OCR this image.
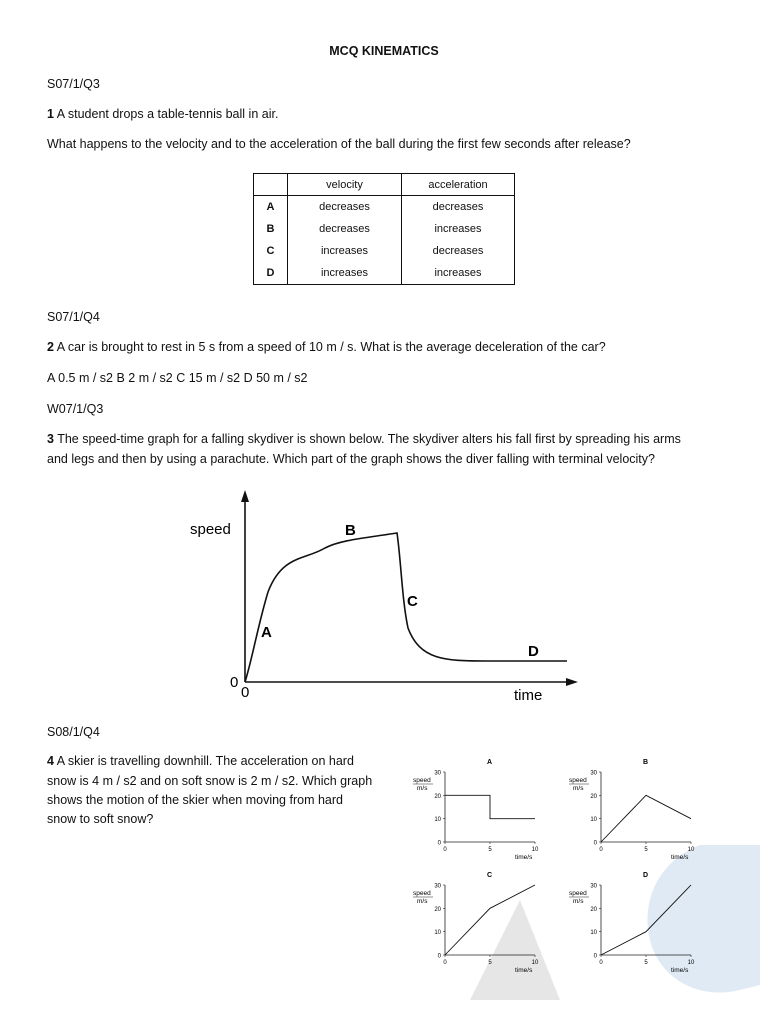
MCQ KINEMATICS
S07/1/Q3
1 A student drops a table-tennis ball in air.
What happens to the velocity and to the acceleration of the ball during the first few seconds after release?
	velocity	acceleration
A	decreases	decreases
B	decreases	increases
C	increases	decreases
D	increases	increases
S07/1/Q4
2 A car is brought to rest in 5 s from a speed of 10 m / s. What is the average deceleration of the car?
A 0.5 m / s2 B 2 m / s2 C 15 m / s2 D 50 m / s2
W07/1/Q3
3 The speed-time graph for a falling skydiver is shown below. The skydiver alters his fall first by spreading his arms
and legs and then by using a parachute. Which part of the graph shows the diver falling with terminal velocity?
speed
time
0
0
A
B
C
D
S08/1/Q4
4 A skier is travelling downhill. The acceleration on hard
snow is 4 m / s2 and on soft snow is 2 m / s2. Which graph
shows the motion of the skier when moving from hard
snow to soft snow?
A
0
10
20
30
0	5	10
speed
m/s
time/s
B
0
10
20
30
0	5	10
speed
m/s
time/s
C
0
10
20
30
0	5	10
speed
m/s
time/s
D
0
10
20
30
0	5	10
speed
m/s
time/s
